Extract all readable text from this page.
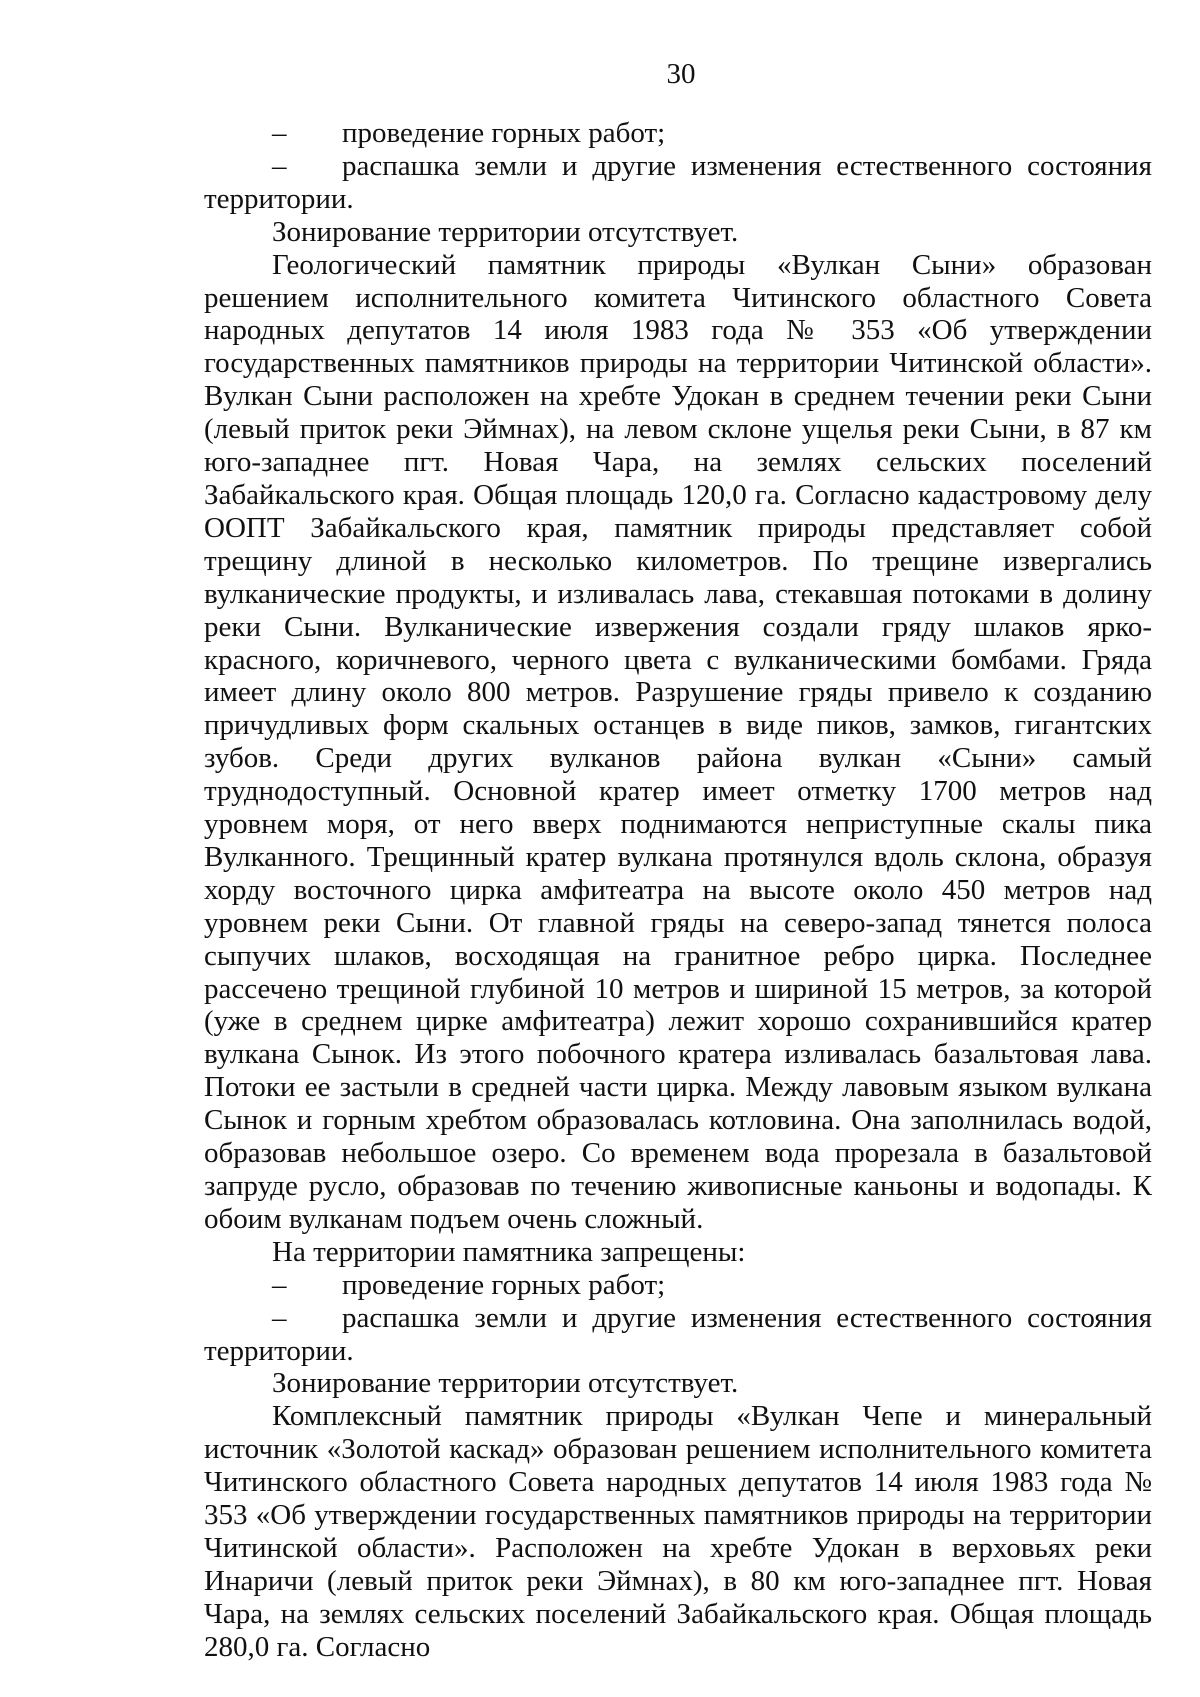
30

– проведение горных работ;

– распашка земли и другие изменения естественного состояния территории.

Зонирование территории отсутствует.

Геологический памятник природы «Вулкан Сыни» образован решением исполнительного комитета Читинского областного Совета народных депутатов 14 июля 1983 года № 353 «Об утверждении государственных памятников природы на территории Читинской области». Вулкан Сыни расположен на хребте Удокан в среднем течении реки Сыни (левый приток реки Эймнах), на левом склоне ущелья реки Сыни, в 87 км юго-западнее пгт. Новая Чара, на землях сельских поселений Забайкальского края. Общая площадь 120,0 га. Согласно кадастровому делу ООПТ Забайкальского края, памятник природы представляет собой трещину длиной в несколько километров. По трещине извергались вулканические продукты, и изливалась лава, стекавшая потоками в долину реки Сыни. Вулканические извержения создали гряду шлаков ярко-красного, коричневого, черного цвета с вулканическими бомбами. Гряда имеет длину около 800 метров. Разрушение гряды привело к созданию причудливых форм скальных останцев в виде пиков, замков, гигантских зубов. Среди других вулканов района вулкан «Сыни» самый труднодоступный. Основной кратер имеет отметку 1700 метров над уровнем моря, от него вверх поднимаются неприступные скалы пика Вулканного. Трещинный кратер вулкана протянулся вдоль склона, образуя хорду восточного цирка амфитеатра на высоте около 450 метров над уровнем реки Сыни. От главной гряды на северо-запад тянется полоса сыпучих шлаков, восходящая на гранитное ребро цирка. Последнее рассечено трещиной глубиной 10 метров и шириной 15 метров, за которой (уже в среднем цирке амфитеатра) лежит хорошо сохранившийся кратер вулкана Сынок. Из этого побочного кратера изливалась базальтовая лава. Потоки ее застыли в средней части цирка. Между лавовым языком вулкана Сынок и горным хребтом образовалась котловина. Она заполнилась водой, образовав небольшое озеро. Со временем вода прорезала в базальтовой запруде русло, образовав по течению живописные каньоны и водопады. К обоим вулканам подъем очень сложный.

На территории памятника запрещены:

– проведение горных работ;

– распашка земли и другие изменения естественного состояния территории.

Зонирование территории отсутствует.

Комплексный памятник природы «Вулкан Чепе и минеральный источник «Золотой каскад» образован решением исполнительного комитета Читинского областного Совета народных депутатов 14 июля 1983 года № 353 «Об утверждении государственных памятников природы на территории Читинской области». Расположен на хребте Удокан в верховьях реки Инаричи (левый приток реки Эймнах), в 80 км юго-западнее пгт. Новая Чара, на землях сельских поселений Забайкальского края. Общая площадь 280,0 га. Согласно
